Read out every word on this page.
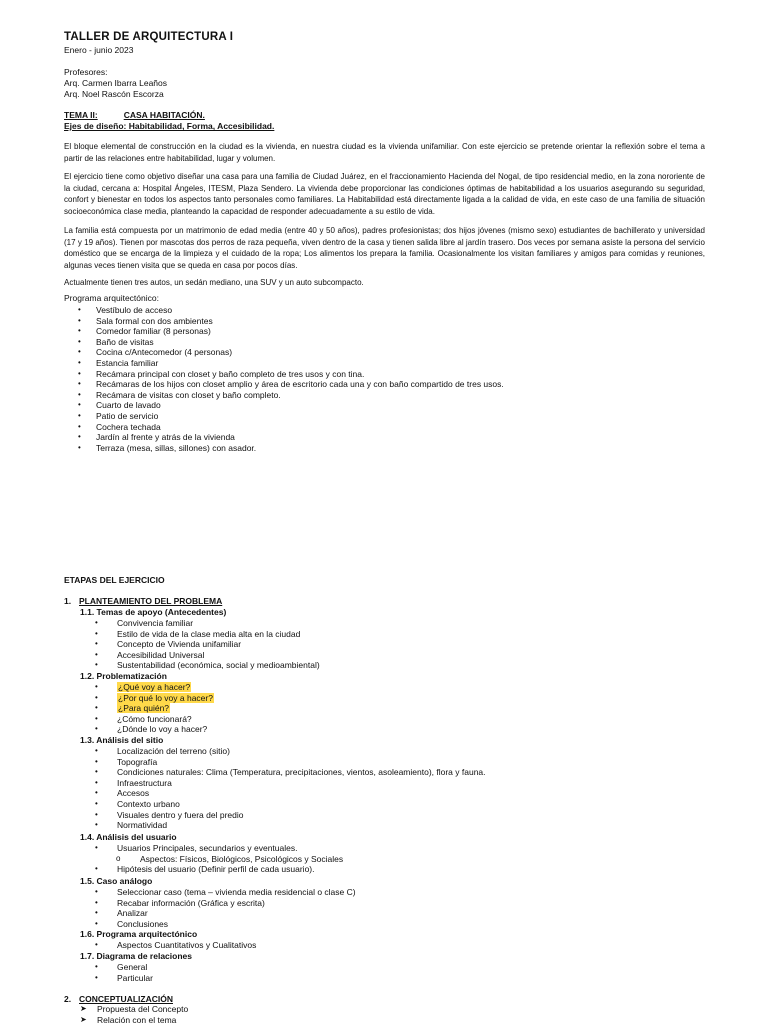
TALLER DE ARQUITECTURA I
Enero - junio 2023
Profesores:
Arq. Carmen Ibarra Leaños
Arq. Noel Rascón Escorza
TEMA II:	CASA HABITACIÓN.
Ejes de diseño: Habitabilidad, Forma, Accesibilidad.

El bloque elemental de construcción en la ciudad es la vivienda, en nuestra ciudad es la vivienda unifamiliar. Con este ejercicio se pretende orientar la reflexión sobre el tema a partir de las relaciones entre habitabilidad, lugar y volumen.

El ejercicio tiene como objetivo diseñar una casa para una familia de Ciudad Juárez, en el fraccionamiento Hacienda del Nogal, de tipo residencial medio, en la zona nororiente de la ciudad, cercana a: Hospital Ángeles, ITESM, Plaza Sendero. La vivienda debe proporcionar las condiciones óptimas de habitabilidad a los usuarios asegurando su seguridad, confort y bienestar en todos los aspectos tanto personales como familiares. La Habitabilidad está directamente ligada a la calidad de vida, en este caso de una familia de situación socioeconómica clase media, planteando la capacidad de responder adecuadamente a su estilo de vida.

La familia está compuesta por un matrimonio de edad media (entre 40 y 50 años), padres profesionistas; dos hijos jóvenes (mismo sexo) estudiantes de bachillerato y universidad (17 y 19 años). Tienen por mascotas dos perros de raza pequeña, viven dentro de la casa y tienen salida libre al jardín trasero. Dos veces por semana asiste la persona del servicio doméstico que se encarga de la limpieza y el cuidado de la ropa; Los alimentos los prepara la familia. Ocasionalmente los visitan familiares y amigos para comidas y reuniones, algunas veces tienen visita que se queda en casa por pocos días.

Actualmente tienen tres autos, un sedán mediano, una SUV y un auto subcompacto.

Programa arquitectónico:
• Vestíbulo de acceso
• Sala formal con dos ambientes
• Comedor familiar (8 personas)
• Baño de visitas
• Cocina c/Antecomedor (4 personas)
• Estancia familiar
• Recámara principal con closet y baño completo de tres usos y con tina.
• Recámaras de los hijos con closet amplio y área de escritorio cada una y con baño compartido de tres usos.
• Recámara de visitas con closet y baño completo.
• Cuarto de lavado
• Patio de servicio
• Cochera techada
• Jardín al frente y atrás de la vivienda
• Terraza (mesa, sillas, sillones) con asador.
ETAPAS DEL EJERCICIO
1. PLANTEAMIENTO DEL PROBLEMA
1.1. Temas de apoyo (Antecedentes)
• Convivencia familiar
• Estilo de vida de la clase media alta en la ciudad
• Concepto de Vivienda unifamiliar
• Accesibilidad Universal
• Sustentabilidad (económica, social y medioambiental)
1.2. Problematización
• ¿Qué voy a hacer?
• ¿Por qué lo voy a hacer?
• ¿Para quién?
• ¿Cómo funcionará?
• ¿Dónde lo voy a hacer?
1.3. Análisis del sitio
• Localización del terreno (sitio)
• Topografía
• Condiciones naturales: Clima (Temperatura, precipitaciones, vientos, asoleamiento), flora y fauna.
• Infraestructura
• Accesos
• Contexto urbano
• Visuales dentro y fuera del predio
• Normatividad
1.4. Análisis del usuario
• Usuarios Principales, secundarios y eventuales.
o Aspectos: Físicos, Biológicos, Psicológicos y Sociales
• Hipótesis del usuario (Definir perfil de cada usuario).
1.5. Caso análogo
• Seleccionar caso (tema – vivienda media residencial o clase C)
• Recabar información (Gráfica y escrita)
• Analizar
• Conclusiones
1.6. Programa arquitectónico
• Aspectos Cuantitativos y Cualitativos
1.7. Diagrama de relaciones
• General
• Particular
2. CONCEPTUALIZACIÓN
➤ Propuesta del Concepto
➤ Relación con el tema
